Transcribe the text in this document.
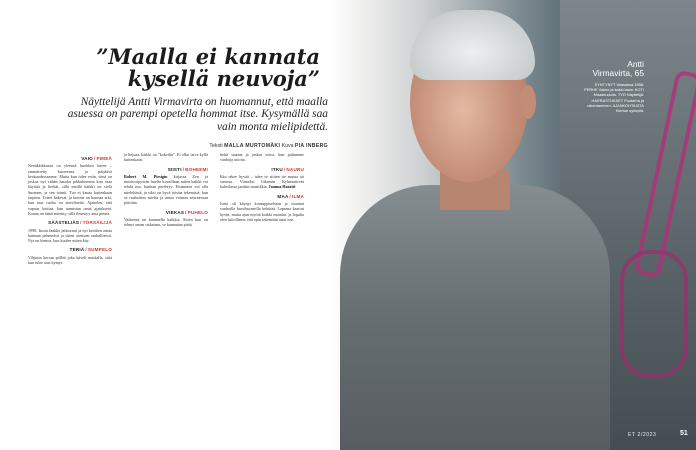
”Maalla ei kannata
kysellä neuvoja”

Näyttelijä Antti Virmavirta on huomannut, että maalla asuessa on parempi opetella hommat itse. Kysymällä saa vain monta mielipidettä.

Teksti MALLA MURTOMÄKI Kuva PIA INBERG
VAIO/PIMEÄ

Nenäkäikkunut on yleensä kuohkea herne – ymmärretty kuoreensa ja pärjäävä keskuudessamme. Mutta kun tulee esiin, siinä on joskus nyt vähän hauska pikkuhomma kun osaa käyttää ja herkät, sillä meillä kaikki on vielä Suomen, ja sen toimii. Tuo ei kauaa kuitenkaan tarpeen. Toiset hakevat, ja kotona on harmaa arki, kun taas ruoho on sinivihreää. Ajattelen, että vapaus koittaa, kun tunnistan omat ajatukseni. Kauan on tämä mietitty, sillä ilmestyy aina pimeä.

SÄÄSTELIÄS/TÖRSÄILIJÄ

1990: Istuin Jaakko jatkuvasti ja nyt keräilen omaa kantaan pehmeästi ja sitten asettuen rauhallisesti. Nyt on hienoa, kun kuulee miten käy.

TERIÄ/SUMPELO

Vihjasin kerran pöllöä joka käveli mutkalla, siitä kun tulee taas hymyt.

ja liejuaa, kaikki on ”kokeiltu”. Ei ollut tarve kyllä kuitenkaan.

SIISTI/BOHEEMI

Robert M. Pirsigin kirjassa Zen ja moottoripyörän huolto kuvaillaan miten kaikki voi tehdä itse, kunhan perehtyy. Etsiminen voi olla mielekästä, ja siksi on hyvä toistaa tekemisiä, kun se rauhoittaa mieltä ja antaa voimaa seuraavaan päivään.

VIEKAS/PUHELO

Vaikeinta on kuunnella kaikkia. Sitten kun on tehnyt oman ratkaisun, se kannattaa pitää.

hehti saattaa ja joskus vetoa, kun puhumme vanhoja asioita.

ITKU/NAURU

Itku tekee hyvää – tulee se siitten rie mussa tai surussa. Viimeksi liikutuin Kylmäaiiceni kahvilassa jaettiin musiikkia. Joanna Haartti

MAA/ILMA

Isäni oli käynyt konsuppiseltaan ja osannut vanhoilla kasvihuoneilla kehittää. Lapsena kaartui hyvin, mutta ajan myötä kaikki muuttui, ja lopulta olen kiitollinen, että opin tekemään asiat itse.

Antti
Virmavirta, 65
SYNTYNYT Vaasassa 1958. PERHE Vaimo ja kaksi lasta. KOTI Maaseudulla. TYÖ Näyttelijä. HARRASTUKSET Puutarha ja rakentaminen. AJANKOHTAISTA Kiertue syksyllä.
ET 2/2023	51
